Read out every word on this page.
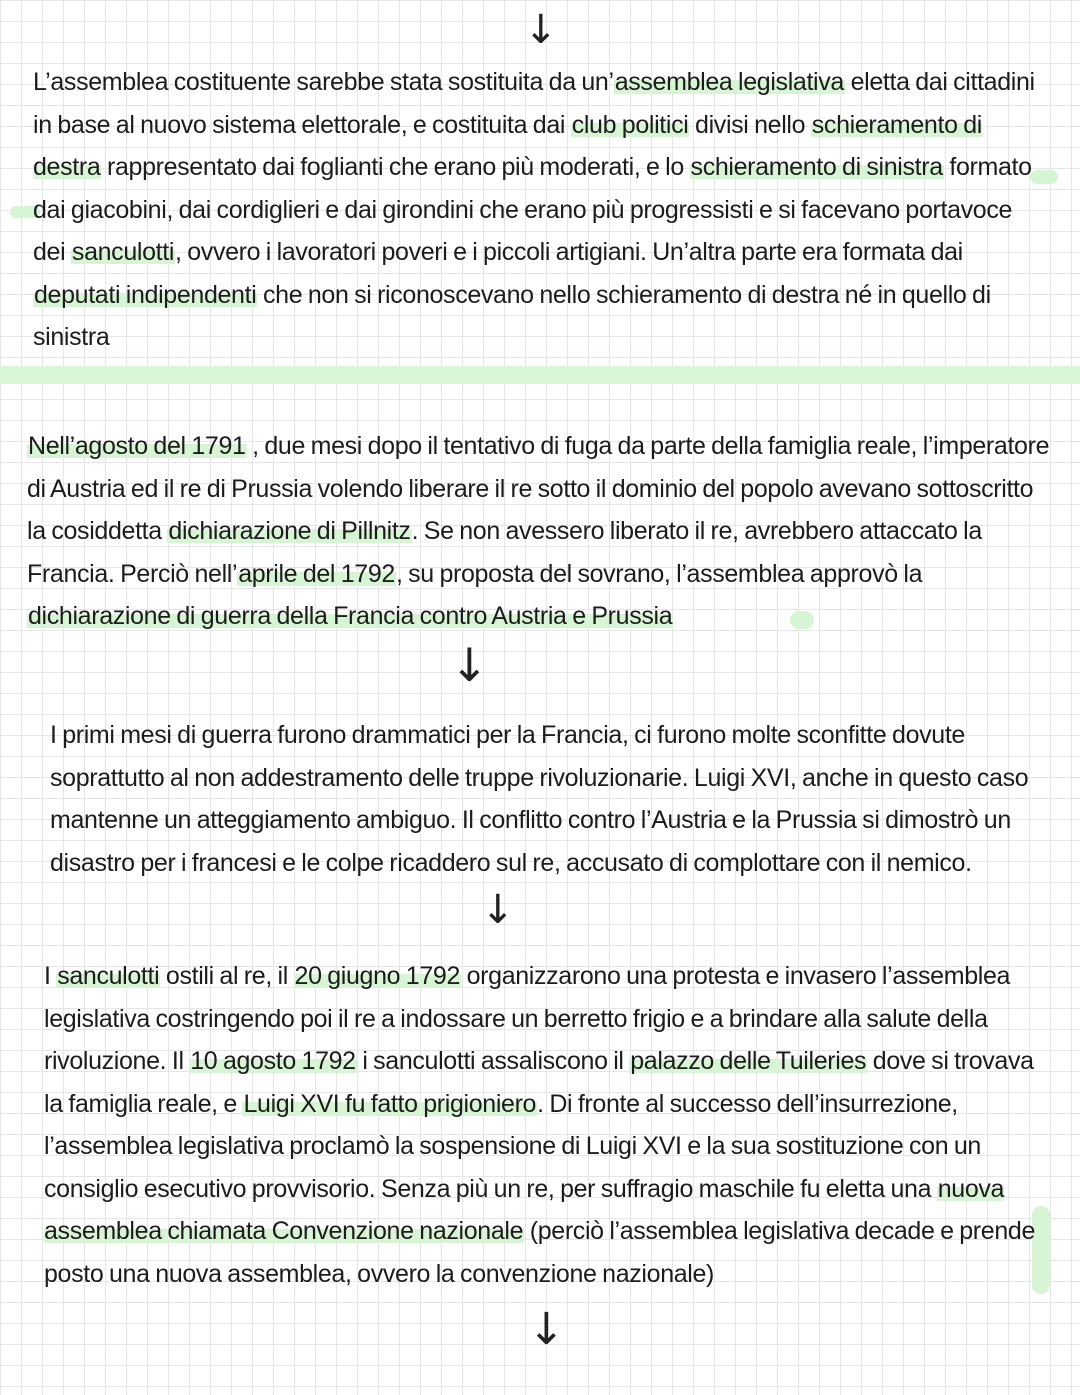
↓

L’assemblea costituente sarebbe stata sostituita da un’assemblea legislativa eletta dai cittadini in base al nuovo sistema elettorale, e costituita dai club politici divisi nello schieramento di destra rappresentato dai foglianti che erano più moderati, e lo schieramento di sinistra formato dai giacobini, dai cordiglieri e dai girondini che erano più progressisti e si facevano portavoce dei sanculotti, ovvero i lavoratori poveri e i piccoli artigiani. Un’altra parte era formata dai deputati indipendenti che non si riconoscevano nello schieramento di destra né in quello di sinistra

Nell’agosto del 1791 , due mesi dopo il tentativo di fuga da parte della famiglia reale, l’imperatore di Austria ed il re di Prussia volendo liberare il re sotto il dominio del popolo avevano sottoscritto la cosiddetta dichiarazione di Pillnitz. Se non avessero liberato il re, avrebbero attaccato la Francia. Perciò nell’aprile del 1792, su proposta del sovrano, l’assemblea approvò la dichiarazione di guerra della Francia contro Austria e Prussia

↓

I primi mesi di guerra furono drammatici per la Francia, ci furono molte sconfitte dovute soprattutto al non addestramento delle truppe rivoluzionarie. Luigi XVI, anche in questo caso mantenne un atteggiamento ambiguo. Il conflitto contro l’Austria e la Prussia si dimostrò un disastro per i francesi e le colpe ricaddero sul re, accusato di complottare con il nemico.

↓

I sanculotti ostili al re, il 20 giugno 1792 organizzarono una protesta e invasero l’assemblea legislativa costringendo poi il re a indossare un berretto frigio e a brindare alla salute della rivoluzione. Il 10 agosto 1792 i sanculotti assaliscono il palazzo delle Tuileries dove si trovava la famiglia reale, e Luigi XVI fu fatto prigioniero. Di fronte al successo dell’insurrezione, l’assemblea legislativa proclamò la sospensione di Luigi XVI e la sua sostituzione con un consiglio esecutivo provvisorio. Senza più un re, per suffragio maschile fu eletta una nuova assemblea chiamata Convenzione nazionale (perciò l’assemblea legislativa decade e prende posto una nuova assemblea, ovvero la convenzione nazionale)

↓
